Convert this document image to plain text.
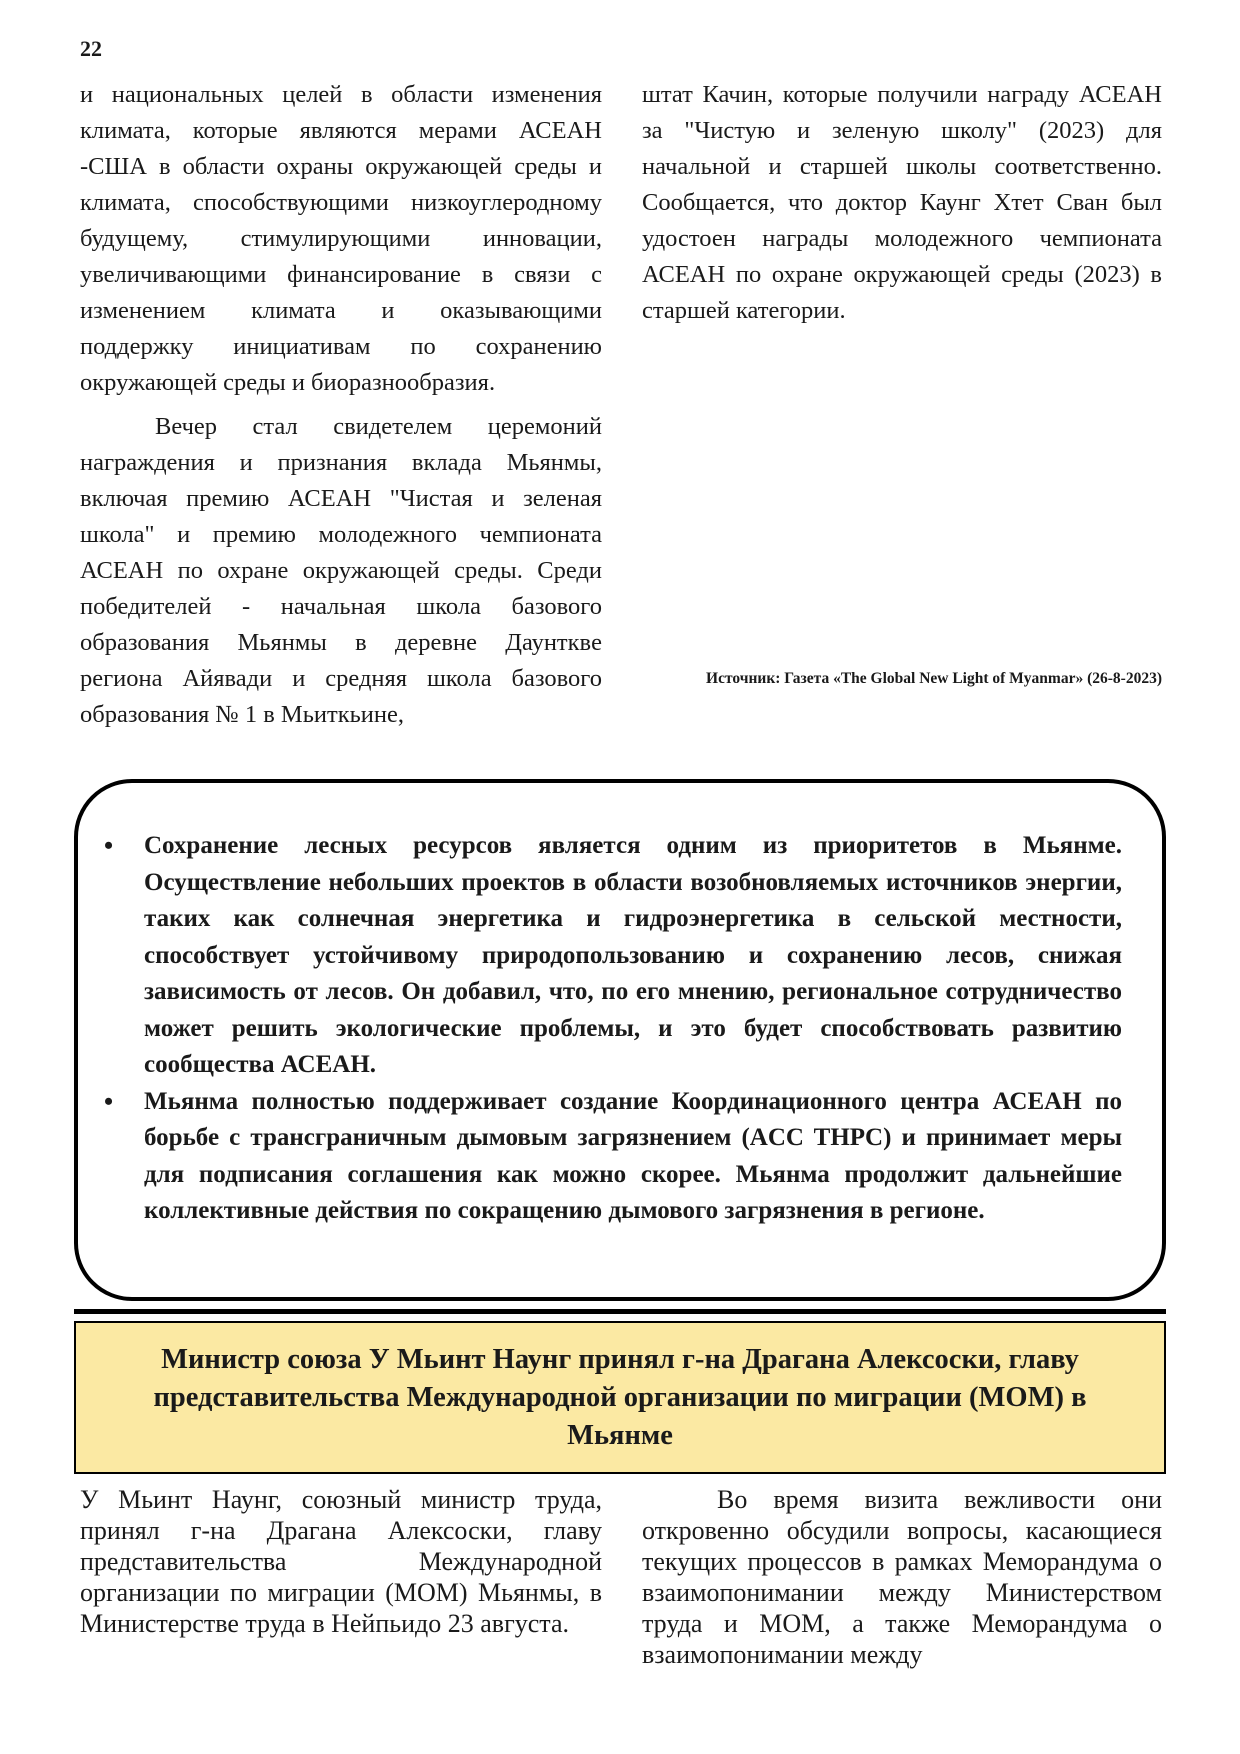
22

и национальных целей в области изменения климата, которые являются мерами АСЕАН -США в области охраны окружающей среды и климата, способствующими низкоуглеродному будущему, стимулирующими инновации, увеличивающими финансирование в связи с изменением климата и оказывающими поддержку инициативам по сохранению окружающей среды и биоразнообразия.

Вечер стал свидетелем церемоний награждения и признания вклада Мьянмы, включая премию АСЕАН "Чистая и зеленая школа" и премию молодежного чемпионата АСЕАН по охране окружающей среды. Среди победителей - начальная школа базового образования Мьянмы в деревне Даунтквe региона Айявади и средняя школа базового образования № 1 в Мьиткьине,

штат Качин, которые получили награду АСЕАН за "Чистую и зеленую школу" (2023) для начальной и старшей школы соответственно. Сообщается, что доктор Каунг Хтет Сван был удостоен награды молодежного чемпионата АСЕАН по охране окружающей среды (2023) в старшей категории.

Источник: Газета «The Global New Light of Myanmar» (26-8-2023)
• Сохранение лесных ресурсов является одним из приоритетов в Мьянме. Осуществление небольших проектов в области возобновляемых источников энергии, таких как солнечная энергетика и гидроэнергетика в сельской местности, способствует устойчивому природопользованию и сохранению лесов, снижая зависимость от лесов. Он добавил, что, по его мнению, региональное сотрудничество может решить экологические проблемы, и это будет способствовать развитию сообщества АСЕАН.
• Мьянма полностью поддерживает создание Координационного центра АСЕАН по борьбе с трансграничным дымовым загрязнением (ACC THPC) и принимает меры для подписания соглашения как можно скорее. Мьянма продолжит дальнейшие коллективные действия по сокращению дымового загрязнения в регионе.
Министр союза У Мьинт Наунг принял г-на Драгана Алексоски, главу представительства Международной организации по миграции (МОМ) в Мьянме

У Мьинт Наунг, союзный министр труда, принял г-на Драгана Алексоски, главу представительства Международной организации по миграции (МОМ) Мьянмы, в Министерстве труда в Нейпьидо 23 августа.

Во время визита вежливости они откровенно обсудили вопросы, касающиеся текущих процессов в рамках Меморандума о взаимопонимании между Министерством труда и МОМ, а также Меморандума о взаимопонимании между
